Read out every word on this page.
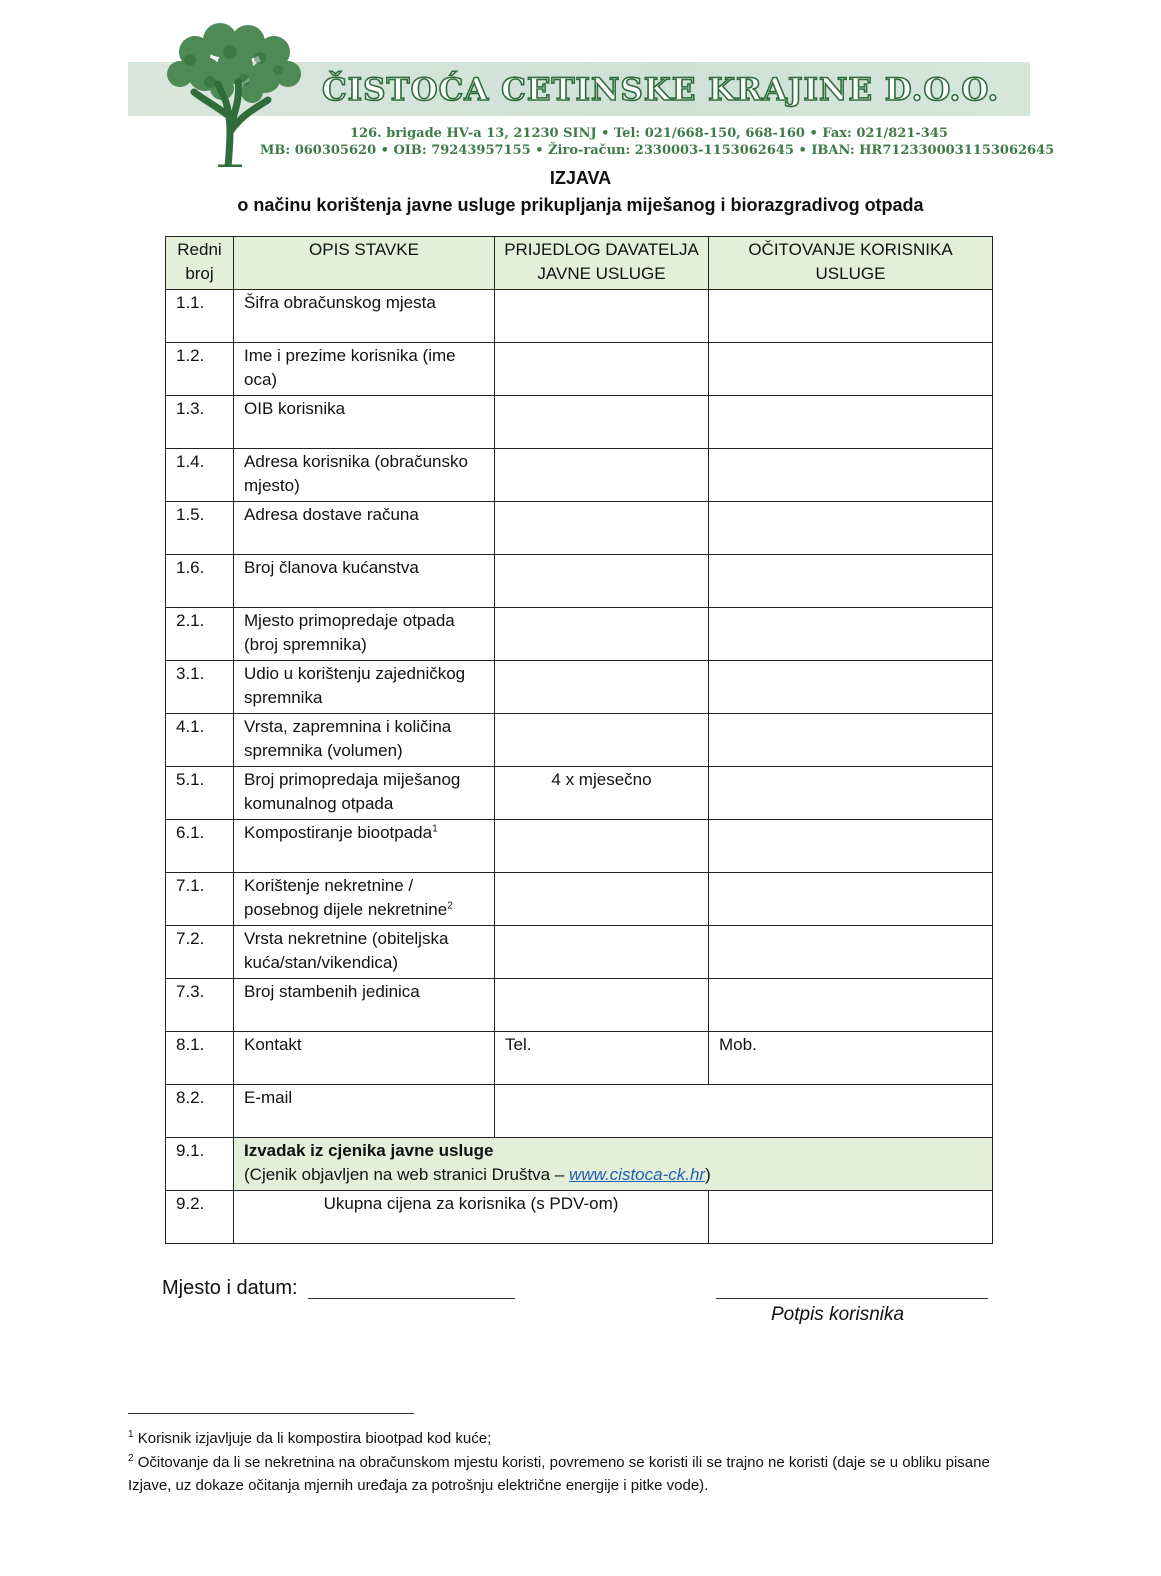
ČISTOĆA CETINSKE KRAJINE D.O.O.
126. brigade HV-a 13, 21230 SINJ • Tel: 021/668-150, 668-160 • Fax: 021/821-345
MB: 060305620 • OIB: 79243957155 • Žiro-račun: 2330003-1153062645 • IBAN: HR7123300031153062645
IZJAVA
o načinu korištenja javne usluge prikupljanja miješanog i biorazgradivog otpada
Redni broj	OPIS STAVKE	PRIJEDLOG DAVATELJA JAVNE USLUGE	OČITOVANJE KORISNIKA USLUGE
1.1.	Šifra obračunskog mjesta		
1.2.	Ime i prezime korisnika (ime oca)		
1.3.	OIB korisnika		
1.4.	Adresa korisnika (obračunsko mjesto)		
1.5.	Adresa dostave računa		
1.6.	Broj članova kućanstva		
2.1.	Mjesto primopredaje otpada (broj spremnika)		
3.1.	Udio u korištenju zajedničkog spremnika		
4.1.	Vrsta, zapremnina i količina spremnika (volumen)		
5.1.	Broj primopredaja miješanog komunalnog otpada	4 x mjesečno	
6.1.	Kompostiranje biootpada$^1$		
7.1.	Korištenje nekretnine / posebnog dijele nekretnine$^2$		
7.2.	Vrsta nekretnine (obiteljska kuća/stan/vikendica)		
7.3.	Broj stambenih jedinica		
8.1.	Kontakt	Tel.	Mob.
8.2.	E-mail		
9.1.	Izvadak iz cjenika javne usluge
(Cjenik objavljen na web stranici Društva – www.cistoca-ck.hr)		
9.2.	Ukupna cijena za korisnika (s PDV-om)		
Mjesto i datum:
Potpis korisnika
$^1$ Korisnik izjavljuje da li kompostira biootpad kod kuće;
$^2$ Očitovanje da li se nekretnina na obračunskom mjestu koristi, povremeno se koristi ili se trajno ne koristi (daje se u obliku pisane Izjave, uz dokaze očitanja mjernih uređaja za potrošnju električne energije i pitke vode).
